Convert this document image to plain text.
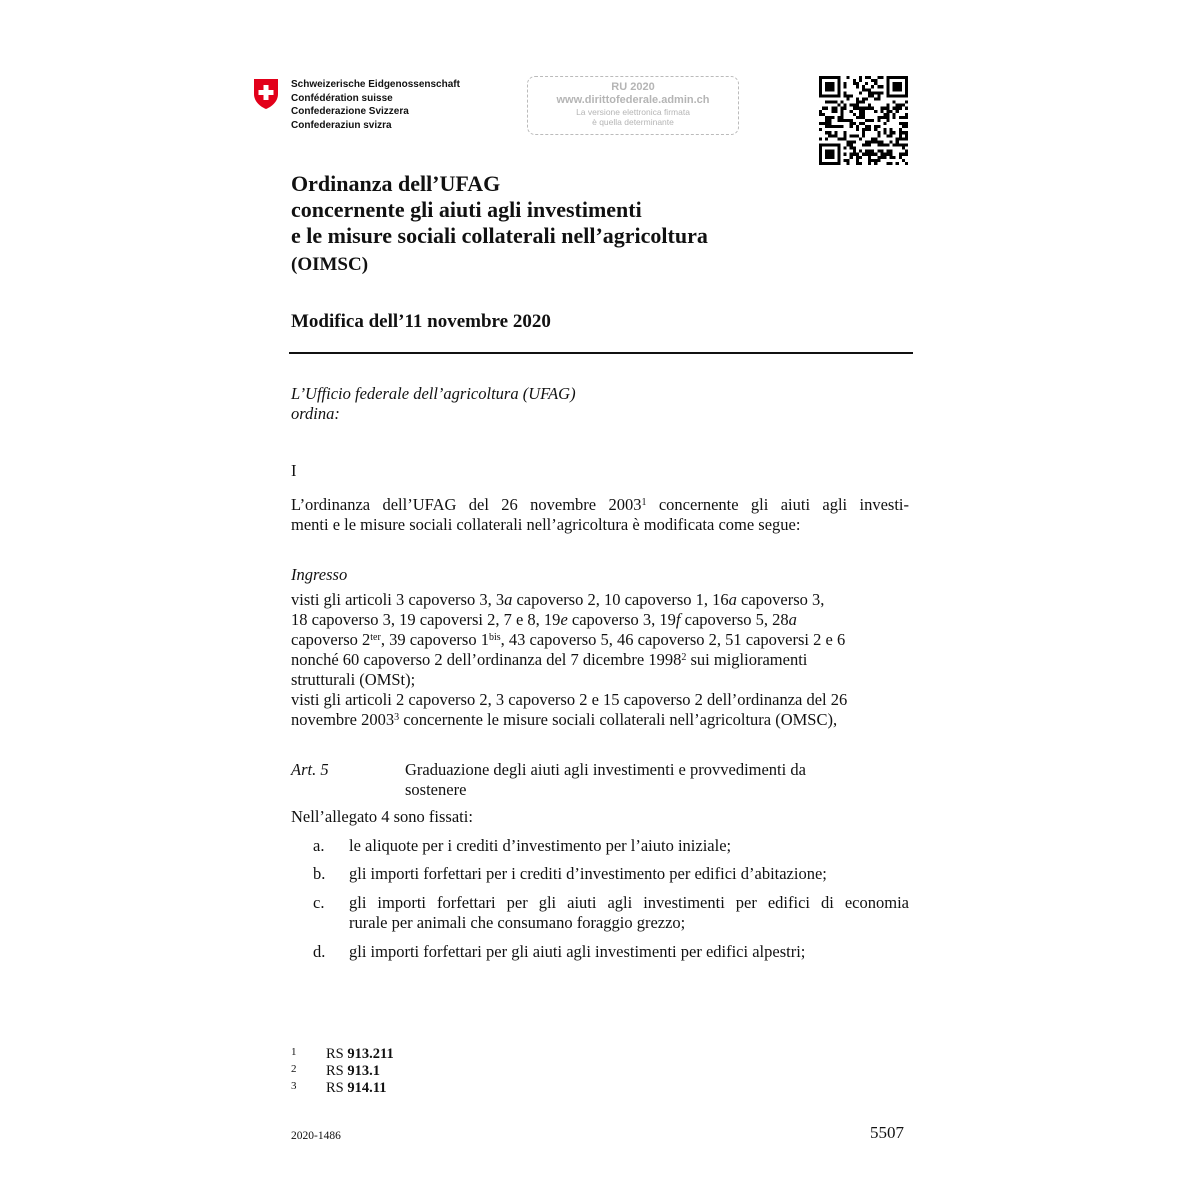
Schweizerische Eidgenossenschaft
Confédération suisse
Confederazione Svizzera
Confederaziun svizra
RU 2020
www.dirittofederale.admin.ch
La versione elettronica firmata
è quella determinante
Ordinanza dell’UFAG
concernente gli aiuti agli investimenti
e le misure sociali collaterali nell’agricoltura
(OIMSC)
Modifica dell’11 novembre 2020
L’Ufficio federale dell’agricoltura (UFAG)
ordina:
I
L’ordinanza dell’UFAG del 26 novembre 2003$^1$ concernente gli aiuti agli investi-
menti e le misure sociali collaterali nell’agricoltura è modificata come segue:
Ingresso
visti gli articoli 3 capoverso 3, 3a capoverso 2, 10 capoverso 1, 16a capoverso 3,
18 capoverso 3, 19 capoversi 2, 7 e 8, 19e capoverso 3, 19f capoverso 5, 28a
capoverso $2^{ter}$, 39 capoverso $1^{bis}$, 43 capoverso 5, 46 capoverso 2, 51 capoversi 2 e 6
nonché 60 capoverso 2 dell’ordinanza del 7 dicembre 1998$^2$ sui miglioramenti
strutturali (OMSt);
visti gli articoli 2 capoverso 2, 3 capoverso 2 e 15 capoverso 2 dell’ordinanza del 26
novembre 2003$^3$ concernente le misure sociali collaterali nell’agricoltura (OMSC),
Art. 5	Graduazione degli aiuti agli investimenti e provvedimenti da
sostenere
Nell’allegato 4 sono fissati:
a. le aliquote per i crediti d’investimento per l’aiuto iniziale;
b. gli importi forfettari per i crediti d’investimento per edifici d’abitazione;
c. gli importi forfettari per gli aiuti agli investimenti per edifici di economia
rurale per animali che consumano foraggio grezzo;
d. gli importi forfettari per gli aiuti agli investimenti per edifici alpestri;
1 RS 913.211
2 RS 913.1
3 RS 914.11
2020-1486	5507
